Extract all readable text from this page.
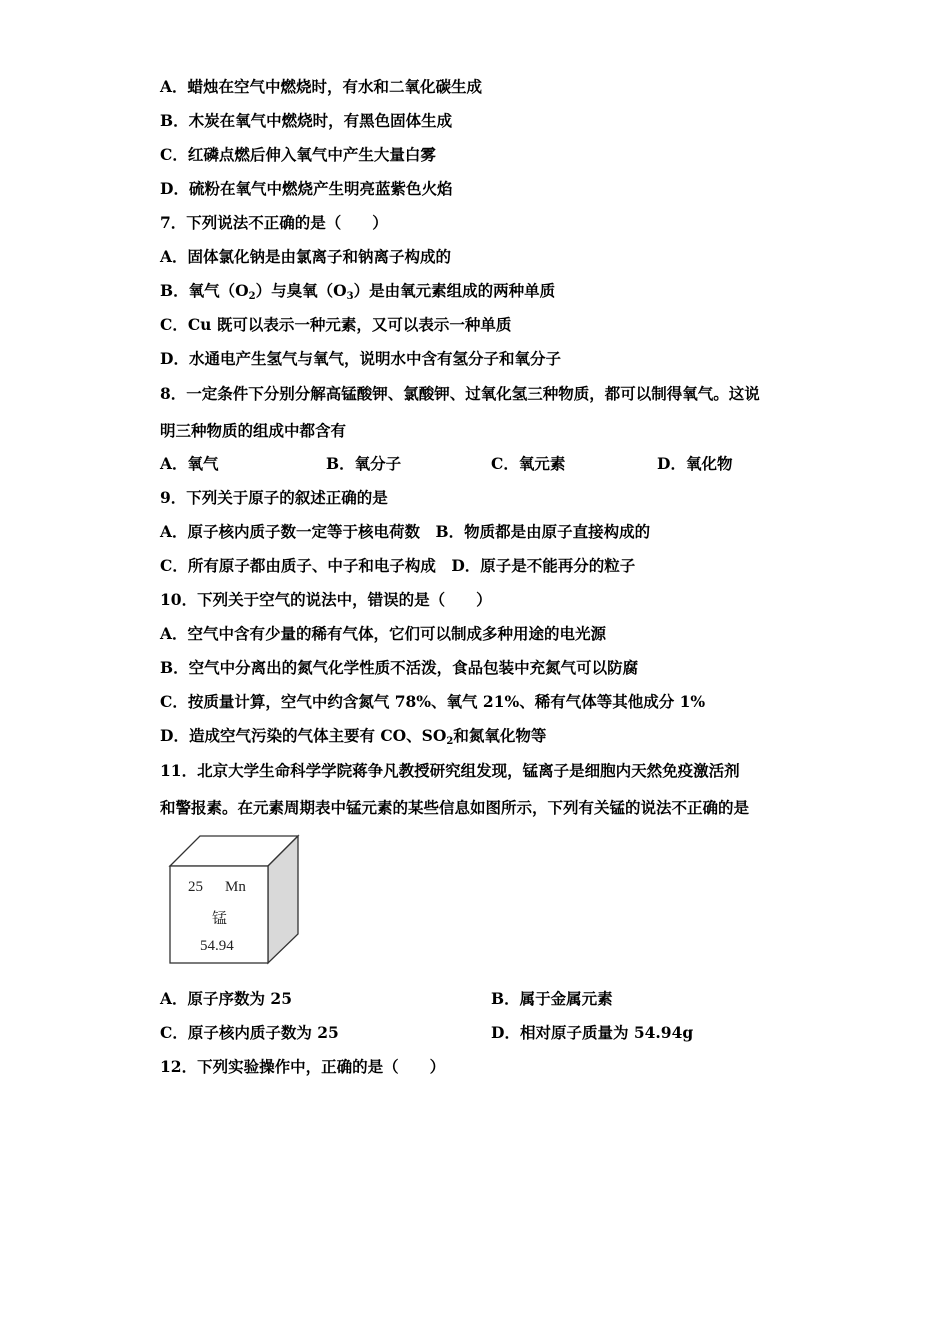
A．蜡烛在空气中燃烧时，有水和二氧化碳生成
B．木炭在氧气中燃烧时，有黑色固体生成
C．红磷点燃后伸入氧气中产生大量白雾
D．硫粉在氧气中燃烧产生明亮蓝紫色火焰
7．下列说法不正确的是（　　）
A．固体氯化钠是由氯离子和钠离子构成的
B．氧气$(O_2)$与臭氧$(O_3)$是由氧元素组成的两种单质
C．Cu 既可以表示一种元素，又可以表示一种单质
D．水通电产生氢气与氧气，说明水中含有氢分子和氧分子
8．一定条件下分别分解高锰酸钾、氯酸钾、过氧化氢三种物质，都可以制得氧气。这说
明三种物质的组成中都含有
A．氧气	B．氧分子	C．氧元素	D．氧化物
9．下列关于原子的叙述正确的是
A．原子核内质子数一定等于核电荷数　B．物质都是由原子直接构成的
C．所有原子都由质子、中子和电子构成　D．原子是不能再分的粒子
10．下列关于空气的说法中，错误的是（　　）
A．空气中含有少量的稀有气体，它们可以制成多种用途的电光源
B．空气中分离出的氮气化学性质不活泼，食品包装中充氮气可以防腐
C．按质量计算，空气中约含氮气 78%、氧气 21%、稀有气体等其他成分 1%
D．造成空气污染的气体主要有 CO、$SO_2$和氮氧化物等
11．北京大学生命科学学院蒋争凡教授研究组发现，锰离子是细胞内天然免疫激活剂
和警报素。在元素周期表中锰元素的某些信息如图所示，下列有关锰的说法不正确的是
25 Mn
锰
54.94
A．原子序数为 25	B．属于金属元素
C．原子核内质子数为 25	D．相对原子质量为 54.94g
12．下列实验操作中，正确的是（　　）
